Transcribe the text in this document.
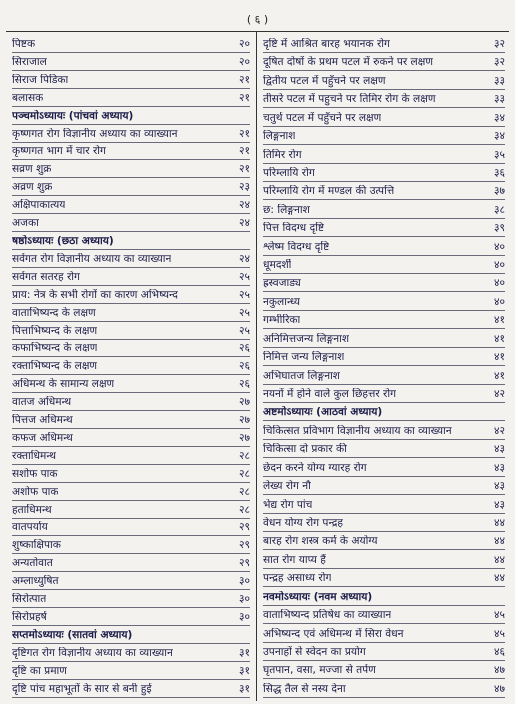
( ६ )
पिष्टक	२०
सिराजाल	२०
सिराज पिडिका	२१
बलासक	२१
पञ्चमोऽध्यायः (पांचवां अध्याय)
कृष्णगत रोग विज्ञानीय अध्याय का व्याख्यान	२१
कृष्णगत भाग में चार रोग	२१
सव्रण शुक्र	२१
अव्रण शुक्र	२३
अक्षिपाकात्यय	२४
अजका	२४
षष्ठोऽध्यायः (छठा अध्याय)
सर्वगत रोग विज्ञानीय अध्याय का व्याख्यान	२४
सर्वगत सतरह रोग	२५
प्राय: नेत्र के सभी रोगों का कारण अभिष्यन्द	२५
वाताभिष्यन्द के लक्षण	२५
पित्ताभिष्यन्द के लक्षण	२५
कफाभिष्यन्द के लक्षण	२६
रक्ताभिष्यन्द के लक्षण	२६
अधिमन्थ के सामान्य लक्षण	२६
वातज अधिमन्थ	२७
पित्तज अधिमन्थ	२७
कफज अधिमन्थ	२७
रक्ताधिमन्थ	२८
सशोफ पाक	२८
अशोफ पाक	२८
हताधिमन्थ	२८
वातपर्याय	२९
शुष्काक्षिपाक	२९
अन्यतोवात	२९
अम्लाध्युषित	३०
सिरोत्पात	३०
सिरोप्रहर्ष	३०
सप्तमोऽध्यायः (सातवां अध्याय)
दृष्टिगत रोग विज्ञानीय अध्याय का व्याख्यान	३१
दृष्टि का प्रमाण	३१
दृष्टि पांच महाभूतों के सार से बनी हुई	३१
दृष्टि में आश्रित बारह भयानक रोग	३२
दूषित दोषों के प्रथम पटल में रुकने पर लक्षण	३२
द्वितीय पटल में पहुँचने पर लक्षण	३३
तीसरे पटल में पहुचने पर तिमिर रोग के लक्षण	३३
चतुर्थ पटल में पहुँचने पर लक्षण	३४
लिङ्गनाश	३४
तिमिर रोग	३५
परिम्लायि रोग	३६
परिम्लायि रोग में मण्डल की उत्पत्ति	३७
छ: लिङ्गनाश	३८
पित्त विदग्ध दृष्टि	३९
श्लेष्म विदग्ध दृष्टि	४०
धूमदर्शी	४०
ह्रस्वजाड्य	४०
नकुलान्ध्य	४०
गम्भीरिका	४१
अनिमित्तजन्य लिङ्गनाश	४१
निमित्त जन्य लिङ्गनाश	४१
अभिघातज लिङ्गनाश	४१
नयनों में होने वाले कुल छिहत्तर रोग	४२
अष्टमोऽध्यायः (आठवां अध्याय)
चिकित्सत प्रविभाग विज्ञानीय अध्याय का व्याख्यान	४२
चिकित्सा दो प्रकार की	४३
छेदन करने योग्य ग्यारह रोग	४३
लेख्य रोग नौ	४३
भेद्य रोग पांच	४३
वेधन योग्य रोग पन्द्रह	४४
बारह रोग शस्त्र कर्म के अयोग्य	४४
सात रोग याप्य हैं	४४
पन्द्रह असाध्य रोग	४४
नवमोऽध्यायः (नवम अध्याय)
वाताभिष्यन्द प्रतिषेध का व्याख्यान	४५
अभिष्यन्द एवं अधिमन्थ में सिरा वेधन	४५
उपनाहों से स्वेदन का प्रयोग	४६
घृतपान, वसा, मज्जा से तर्पण	४७
सिद्ध तैल से नस्य देना	४७
